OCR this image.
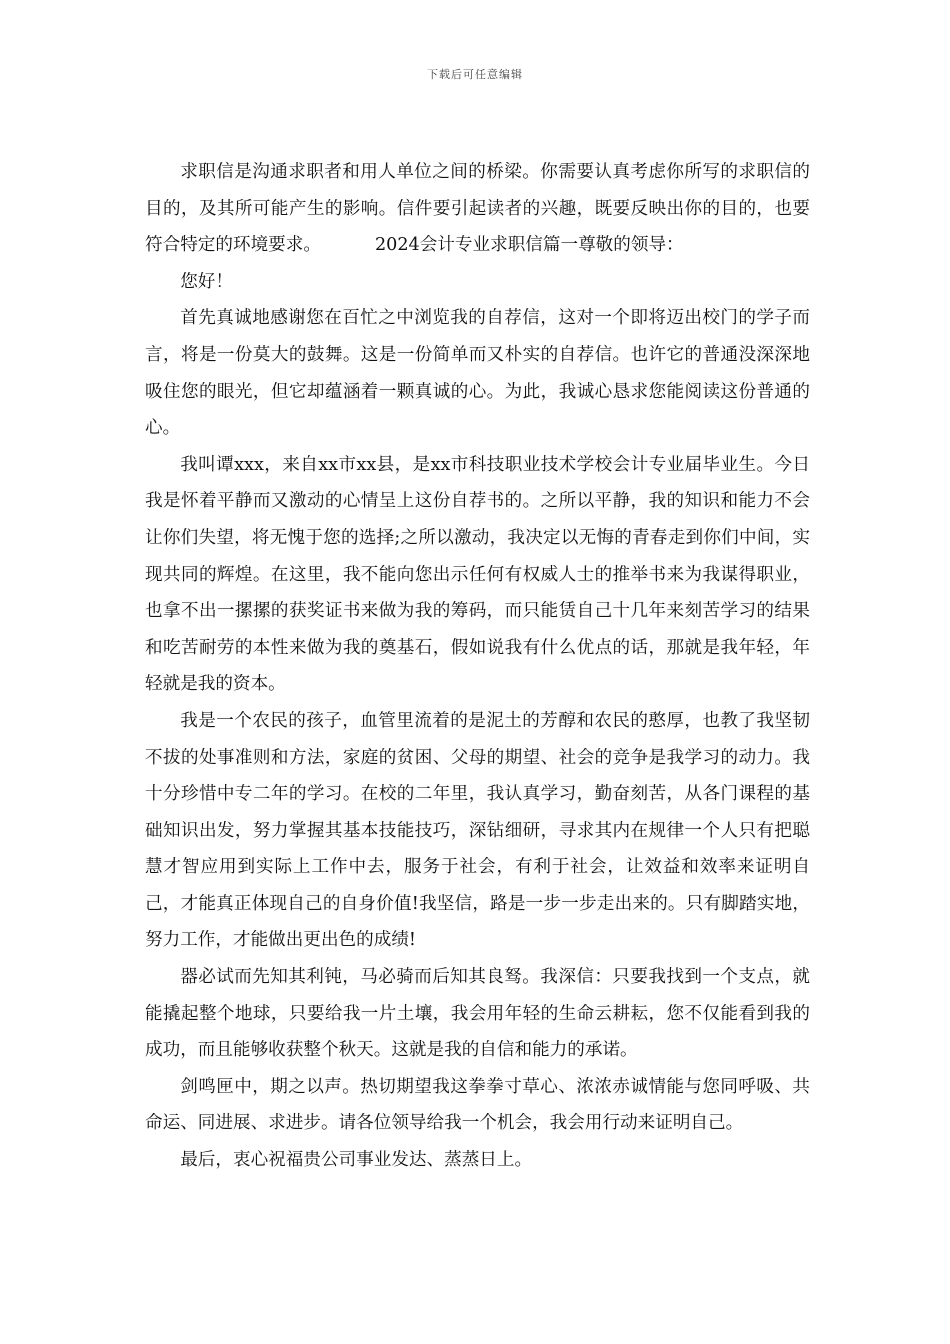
下载后可任意编辑

求职信是沟通求职者和用人单位之间的桥梁。你需要认真考虑你所写的求职信的目的，及其所可能产生的影响。信件要引起读者的兴趣，既要反映出你的目的，也要符合特定的环境要求。	2024会计专业求职信篇一尊敬的领导：

您好！

首先真诚地感谢您在百忙之中浏览我的自荐信，这对一个即将迈出校门的学子而言，将是一份莫大的鼓舞。这是一份简单而又朴实的自荐信。也许它的普通没深深地吸住您的眼光，但它却蕴涵着一颗真诚的心。为此，我诚心恳求您能阅读这份普通的心。

我叫谭xxx，来自xx市xx县，是xx市科技职业技术学校会计专业届毕业生。今日我是怀着平静而又激动的心情呈上这份自荐书的。之所以平静，我的知识和能力不会让你们失望，将无愧于您的选择;之所以激动，我决定以无悔的青春走到你们中间，实现共同的辉煌。在这里，我不能向您出示任何有权威人士的推举书来为我谋得职业，也拿不出一摞摞的获奖证书来做为我的筹码，而只能赁自己十几年来刻苦学习的结果和吃苦耐劳的本性来做为我的奠基石，假如说我有什么优点的话，那就是我年轻，年轻就是我的资本。

我是一个农民的孩子，血管里流着的是泥土的芳醇和农民的憨厚，也教了我坚韧不拔的处事准则和方法，家庭的贫困、父母的期望、社会的竞争是我学习的动力。我十分珍惜中专二年的学习。在校的二年里，我认真学习，勤奋刻苦，从各门课程的基础知识出发，努力掌握其基本技能技巧，深钻细研，寻求其内在规律一个人只有把聪慧才智应用到实际上工作中去，服务于社会，有利于社会，让效益和效率来证明自己，才能真正体现自己的自身价值!我坚信，路是一步一步走出来的。只有脚踏实地，努力工作，才能做出更出色的成绩!

器必试而先知其利钝，马必骑而后知其良驽。我深信：只要我找到一个支点，就能撬起整个地球，只要给我一片土壤，我会用年轻的生命云耕耘，您不仅能看到我的成功，而且能够收获整个秋天。这就是我的自信和能力的承诺。

剑鸣匣中，期之以声。热切期望我这拳拳寸草心、浓浓赤诚情能与您同呼吸、共命运、同进展、求进步。请各位领导给我一个机会，我会用行动来证明自己。

最后，衷心祝福贵公司事业发达、蒸蒸日上。
